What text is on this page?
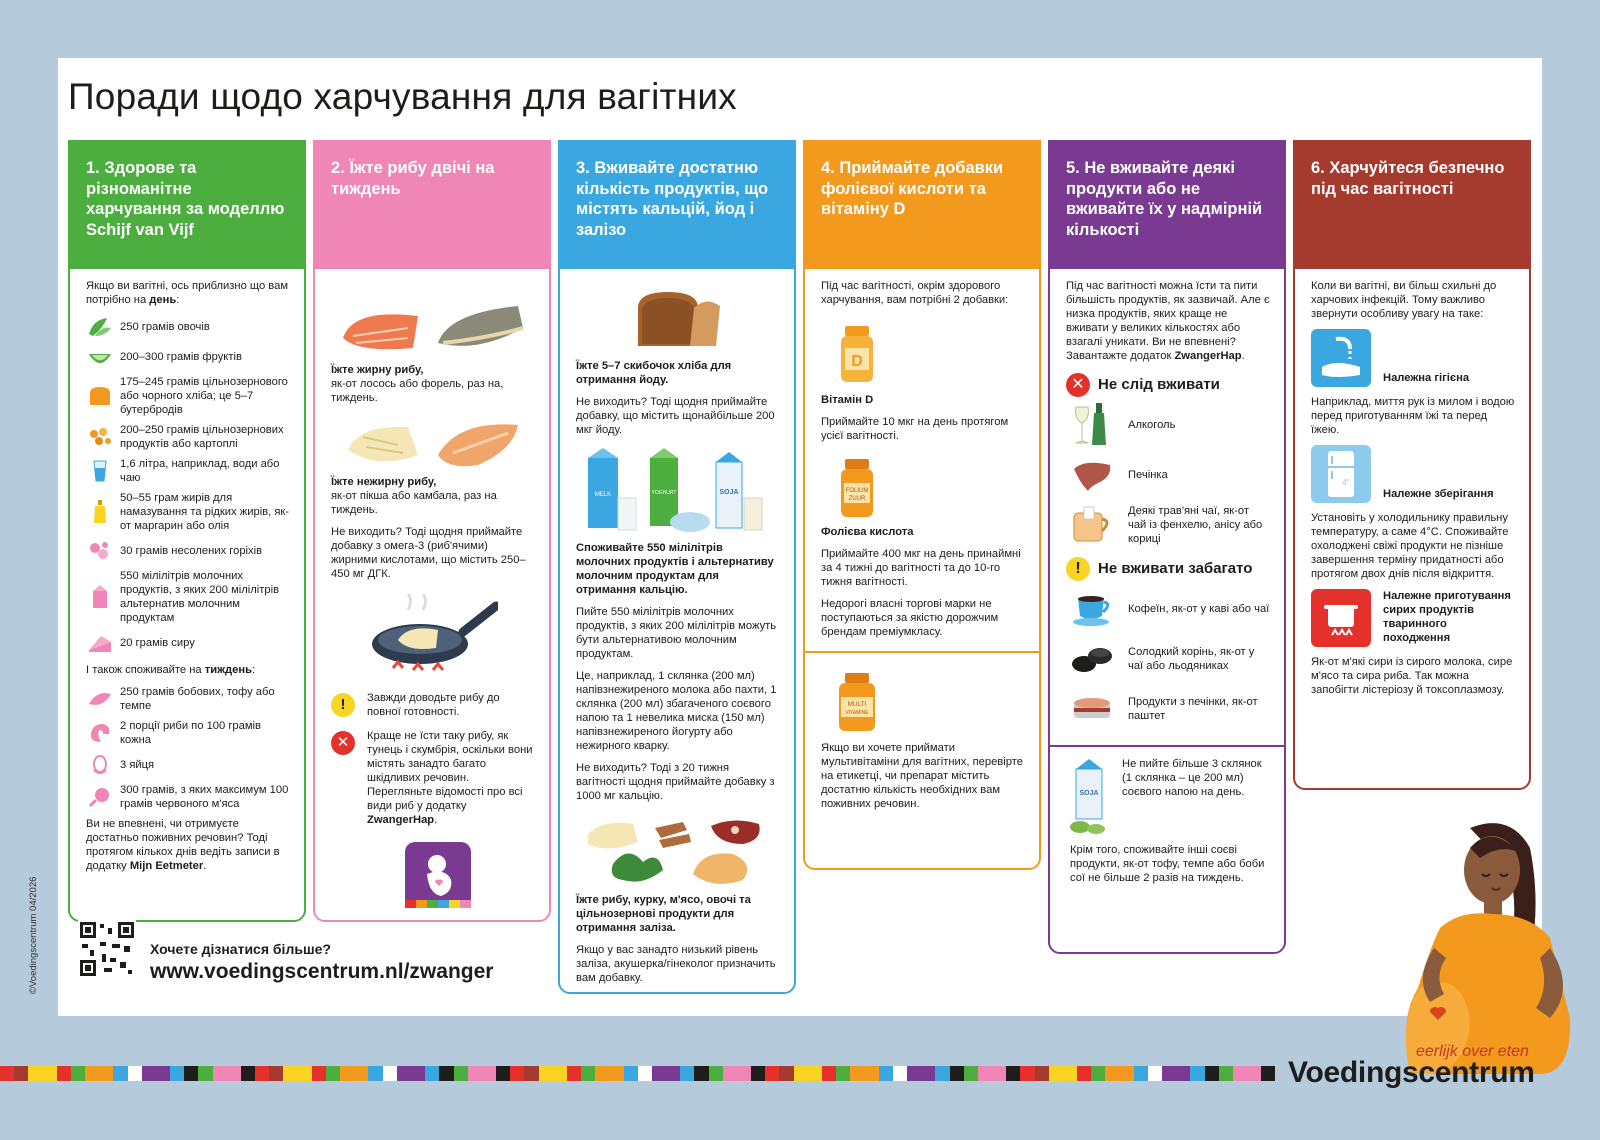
Поради щодо харчування для вагітних
1. Здорове та різноманітне харчування за моделлю Schijf van Vijf

Якщо ви вагітні, ось приблизно що вам потрібно на день:

250 грамів овочів
200–300 грамів фруктів
175–245 грамів цільнозернового або чорного хліба; це 5–7 бутербродів
200–250 грамів цільнозернових продуктів або картоплі
1,6 літра, наприклад, води або чаю
50–55 грам жирів для намазування та рідких жирів, як-от маргарин або олія
30 грамів несолених горіхів
550 мілілітрів молочних продуктів, з яких 200 мілілітрів альтернатив молочним продуктам
20 грамів сиру

І також споживайте на тиждень:

250 грамів бобових, тофу або темпе
2 порції риби по 100 грамів кожна
3 яйця
300 грамів, з яких максимум 100 грамів червоного м'яса

Ви не впевнені, чи отримуєте достатньо поживних речовин? Тоді протягом кількох днів ведіть записи в додатку Mijn Eetmeter.

2. Їжте рибу двічі на тиждень

Їжте жирну рибу,
як-от лосось або форель, раз на, тиждень.

Їжте нежирну рибу,
як-от пікша або камбала, раз на тиждень.

Не виходить? Тоді щодня приймайте добавку з омега-3 (риб'ячими) жирними кислотами, що містить 250–450 мг ДГК.

!	Завжди доводьте рибу до повної готовності.
✕	Краще не їсти таку рибу, як тунець і скумбрія, оскільки вони містять занадто багато шкідливих речовин. Перегляньте відомості про всі види риб у додатку ZwangerHap.
3. Вживайте достатню кількість продуктів, що містять кальцій, йод і залізо

Їжте 5–7 скибочок хліба для отримання йоду.

Не виходить? Тоді щодня приймайте добавку, що містить щонайбільше 200 мкг йоду.

MELK	YOGHURT	SOJA

Споживайте 550 мілілітрів молочних продуктів і альтернативу молочним продуктам для отримання кальцію.

Пийте 550 мілілітрів молочних продуктів, з яких 200 мілілітрів можуть бути альтернативою молочним продуктам.

Це, наприклад, 1 склянка (200 мл) напівзнежиреного молока або пахти, 1 склянка (200 мл) збагаченого соєвого напою та 1 невелика миска (150 мл) напівзнежиреного йогурту або нежирного кварку.

Не виходить? Тоді з 20 тижня вагітності щодня приймайте добавку з 1000 мг кальцію.

Їжте рибу, курку, м'ясо, овочі та цільнозернові продукти для отримання заліза.

Якщо у вас занадто низький рівень заліза, акушерка/гінеколог призначить вам добавку.

4. Приймайте добавки фолієвої кислоти та вітаміну D

Під час вагітності, окрім здорового харчування, вам потрібні 2 добавки:

D

Вітамін D

Приймайте 10 мкг на день протягом усієї вагітності.

FOLIUM
ZUUR

Фолієва кислота

Приймайте 400 мкг на день принаймні за 4 тижні до вагітності та до 10-го тижня вагітності.

Недорогі власні торгові марки не поступаються за якістю дорожчим брендам преміумкласу.

MULTI
VITAMINE

Якщо ви хочете приймати мультивітаміни для вагітних, перевірте на етикетці, чи препарат містить достатню кількість необхідних вам поживних речовин.

5. Не вживайте деякі продукти або не вживайте їх у надмірній кількості

Під час вагітності можна їсти та пити більшість продуктів, як зазвичай. Але є низка продуктів, яких краще не вживати у великих кількостях або взагалі уникати. Ви не впевнені? Завантажте додаток ZwangerHap.

✕ Не слід вживати
Алкоголь
Печінка
Деякі трав'яні чаї, як-от чай із фенхелю, анісу або кориці
!	Не вживати забагато
Кофеїн, як-от у каві або чаї
Солодкий корінь, як-от у чаї або льодяниках
Продукти з печінки, як-от паштет
SOJA
Не пийте більше 3 склянок (1 склянка – це 200 мл) соєвого напою на день.

Крім того, споживайте інші соєві продукти, як-от тофу, темпе або боби сої не більше 2 разів на тиждень.

6. Харчуйтеся безпечно під час вагітності

Коли ви вагітні, ви більш схильні до харчових інфекцій. Тому важливо звернути особливу увагу на таке:

Належна гігієна

Наприклад, миття рук із милом і водою перед приготуванням їжі та перед їжею.

4°
Належне зберігання

Установіть у холодильнику правильну температуру, а саме 4°C. Споживайте охолоджені свіжі продукти не пізніше завершення терміну придатності або протягом двох днів після відкриття.

Належне приготування сирих продуктів тваринного походження

Як-от м'які сири із сирого молока, сире м'ясо та сира риба. Так можна запобігти лістеріозу й токсоплазмозу.

Хочете дізнатися більше?
www.voedingscentrum.nl/zwanger
©Voedingscentrum 04/2026
eerlijk over eten
Voedingscentrum
